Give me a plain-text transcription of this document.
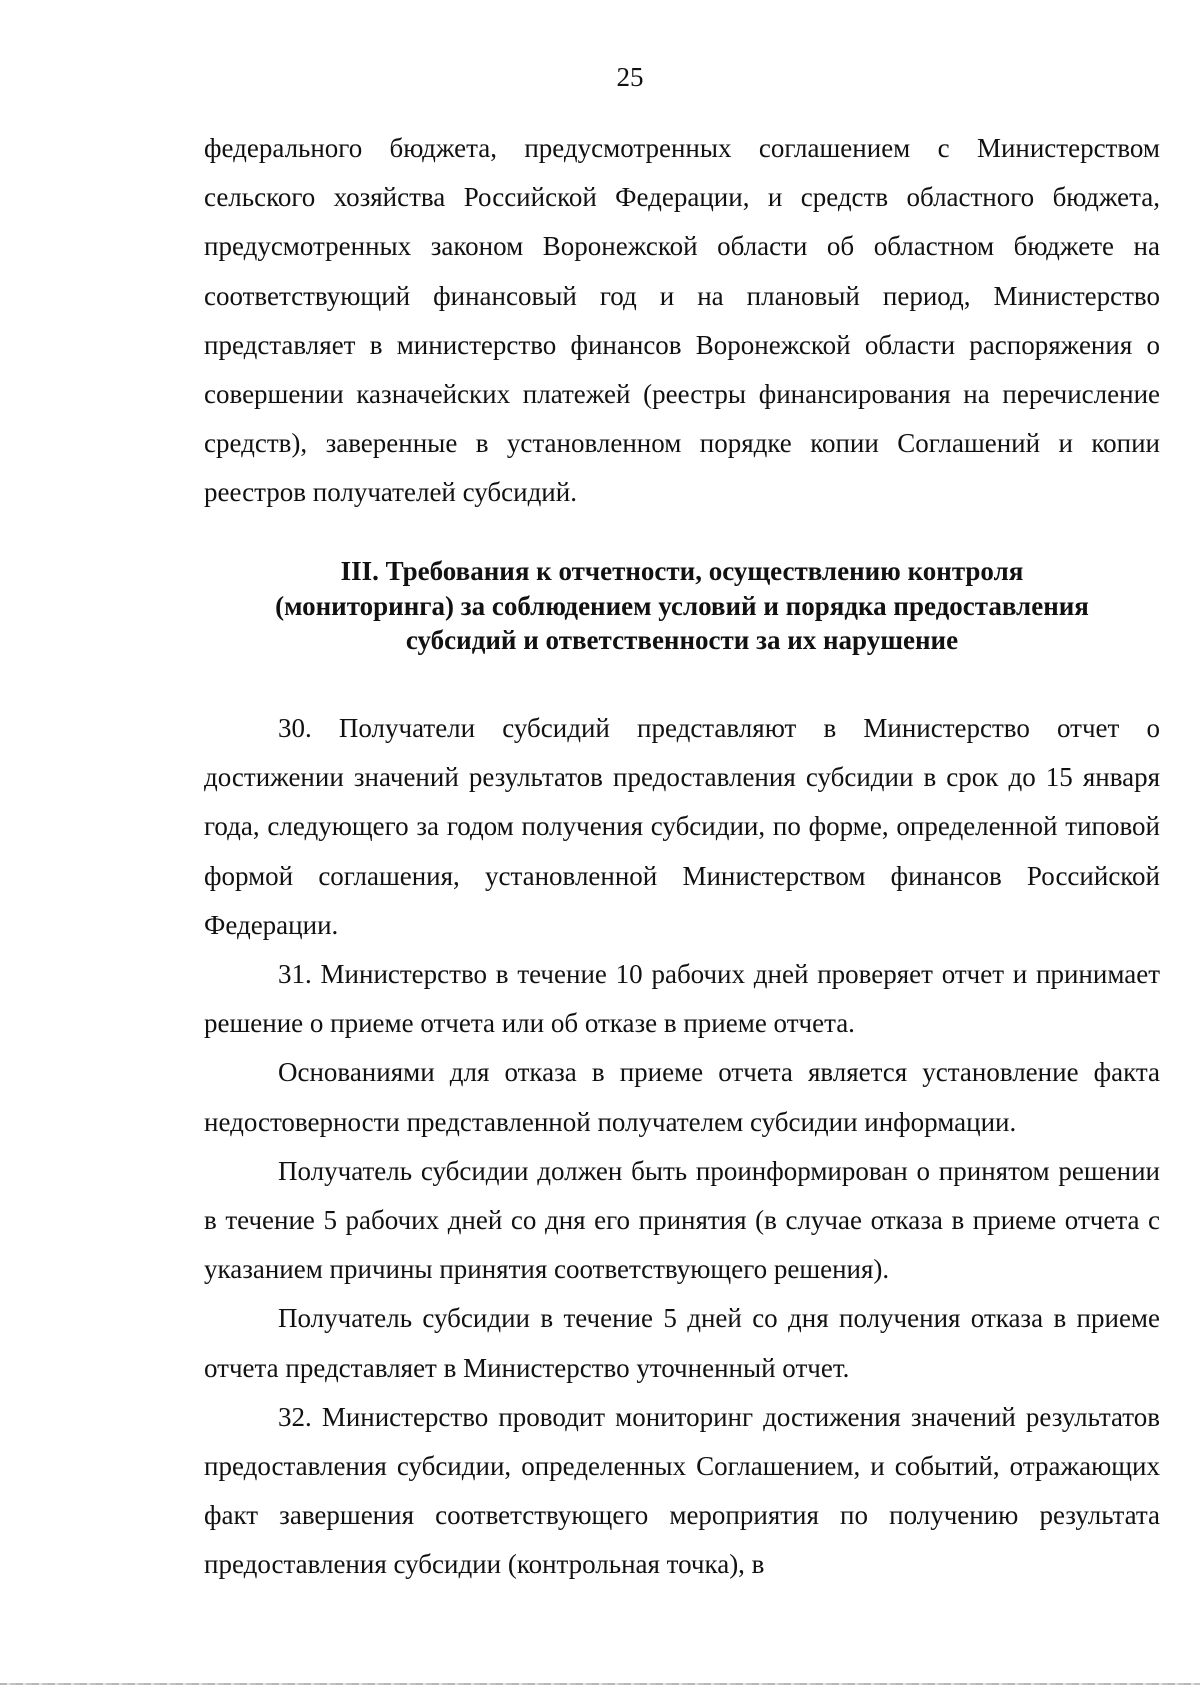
25

федерального бюджета, предусмотренных соглашением с Министерством сельского хозяйства Российской Федерации, и средств областного бюджета, предусмотренных законом Воронежской области об областном бюджете на соответствующий финансовый год и на плановый период, Министерство представляет в министерство финансов Воронежской области распоряжения о совершении казначейских платежей (реестры финансирования на перечисление средств), заверенные в установленном порядке копии Соглашений и копии реестров получателей субсидий.

III. Требования к отчетности, осуществлению контроля
(мониторинга) за соблюдением условий и порядка предоставления
субсидий и ответственности за их нарушение

30. Получатели субсидий представляют в Министерство отчет о достижении значений результатов предоставления субсидии в срок до 15 января года, следующего за годом получения субсидии, по форме, определенной типовой формой соглашения, установленной Министерством финансов Российской Федерации.

31. Министерство в течение 10 рабочих дней проверяет отчет и принимает решение о приеме отчета или об отказе в приеме отчета.

Основаниями для отказа в приеме отчета является установление факта недостоверности представленной получателем субсидии информации.

Получатель субсидии должен быть проинформирован о принятом решении в течение 5 рабочих дней со дня его принятия (в случае отказа в приеме отчета с указанием причины принятия соответствующего решения).

Получатель субсидии в течение 5 дней со дня получения отказа в приеме отчета представляет в Министерство уточненный отчет.

32. Министерство проводит мониторинг достижения значений результатов предоставления субсидии, определенных Соглашением, и событий, отражающих факт завершения соответствующего мероприятия по получению результата предоставления субсидии (контрольная точка), в
